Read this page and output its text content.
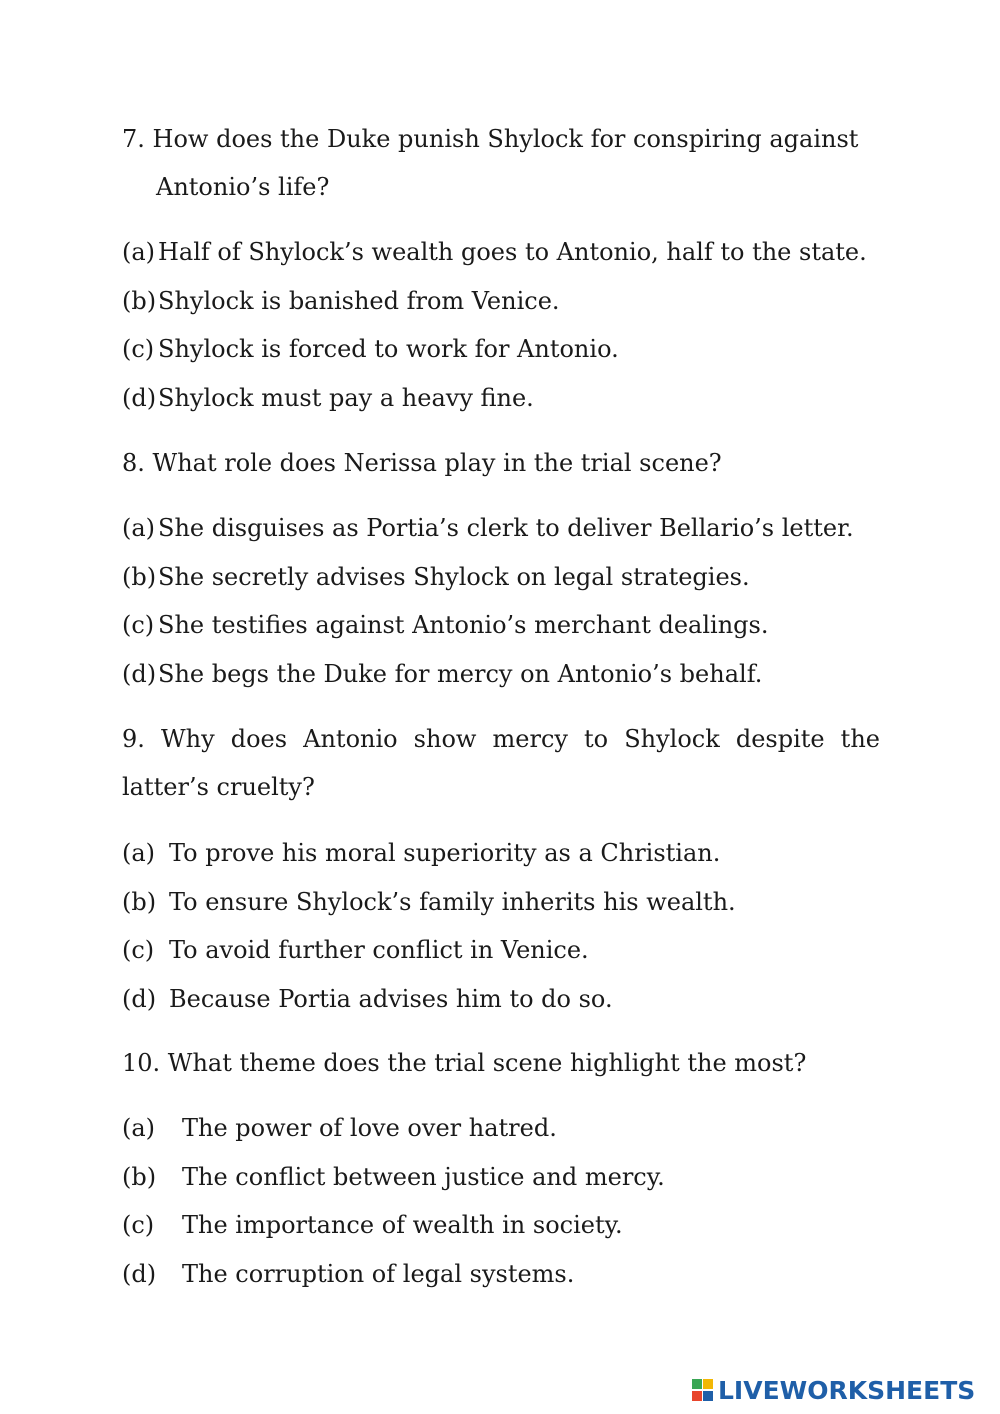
7. How does the Duke punish Shylock for conspiring against
Antonio’s life?
(a) Half of Shylock’s wealth goes to Antonio, half to the state.
(b)Shylock is banished from Venice.
(c) Shylock is forced to work for Antonio.
(d)Shylock must pay a heavy fine.
8. What role does Nerissa play in the trial scene?
(a) She disguises as Portia’s clerk to deliver Bellario’s letter.
(b)She secretly advises Shylock on legal strategies.
(c) She testifies against Antonio’s merchant dealings.
(d)She begs the Duke for mercy on Antonio’s behalf.
9. Why does Antonio show mercy to Shylock despite the
latter’s cruelty?
(a) To prove his moral superiority as a Christian.
(b) To ensure Shylock’s family inherits his wealth.
(c) To avoid further conflict in Venice.
(d) Because Portia advises him to do so.
10. What theme does the trial scene highlight the most?
(a) The power of love over hatred.
(b) The conflict between justice and mercy.
(c) The importance of wealth in society.
(d) The corruption of legal systems.
LIVEWORKSHEETS
